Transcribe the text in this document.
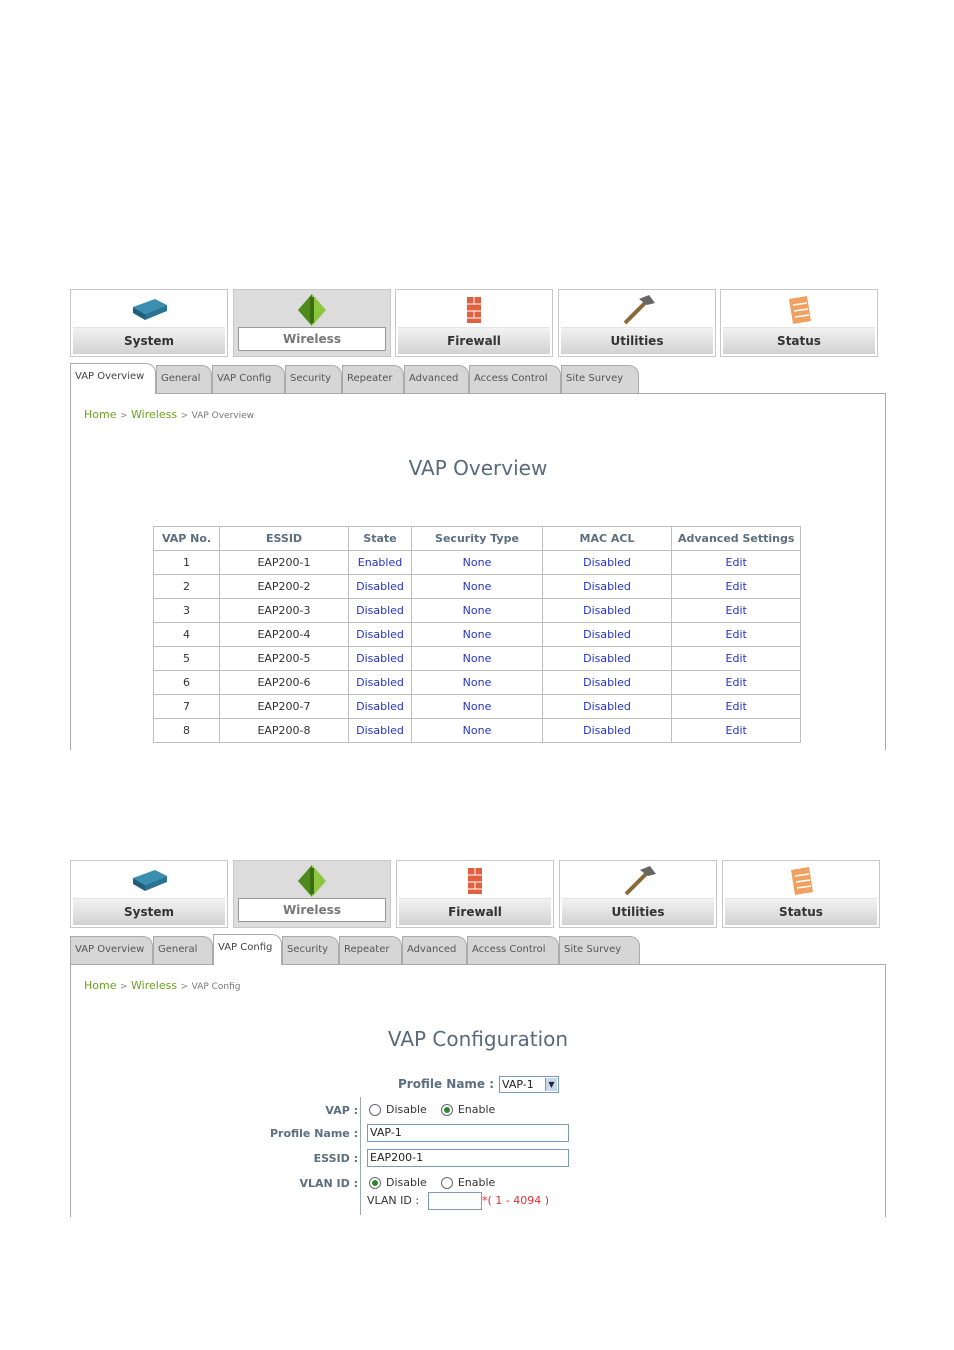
System	Wireless	Firewall	Utilities	Status
VAP Overview	General	VAP Config	Security	Repeater	Advanced	Access Control	Site Survey
Home > Wireless > VAP Overview
VAP Overview
VAP No.	ESSID	State	Security Type	MAC ACL	Advanced Settings
1	EAP200-1	Enabled	None	Disabled	Edit
2	EAP200-2	Disabled	None	Disabled	Edit
3	EAP200-3	Disabled	None	Disabled	Edit
4	EAP200-4	Disabled	None	Disabled	Edit
5	EAP200-5	Disabled	None	Disabled	Edit
6	EAP200-6	Disabled	None	Disabled	Edit
7	EAP200-7	Disabled	None	Disabled	Edit
8	EAP200-8	Disabled	None	Disabled	Edit
System	Wireless	Firewall	Utilities	Status
VAP Overview	General	VAP Config	Security	Repeater	Advanced	Access Control	Site Survey
Home > Wireless > VAP Config
VAP Configuration
Profile Name : VAP-1	▼
VAP :	Disable	Enable
Profile Name : VAP-1
ESSID : EAP200-1
VLAN ID :	Disable	Enable
VLAN ID :	*( 1 - 4094 )
